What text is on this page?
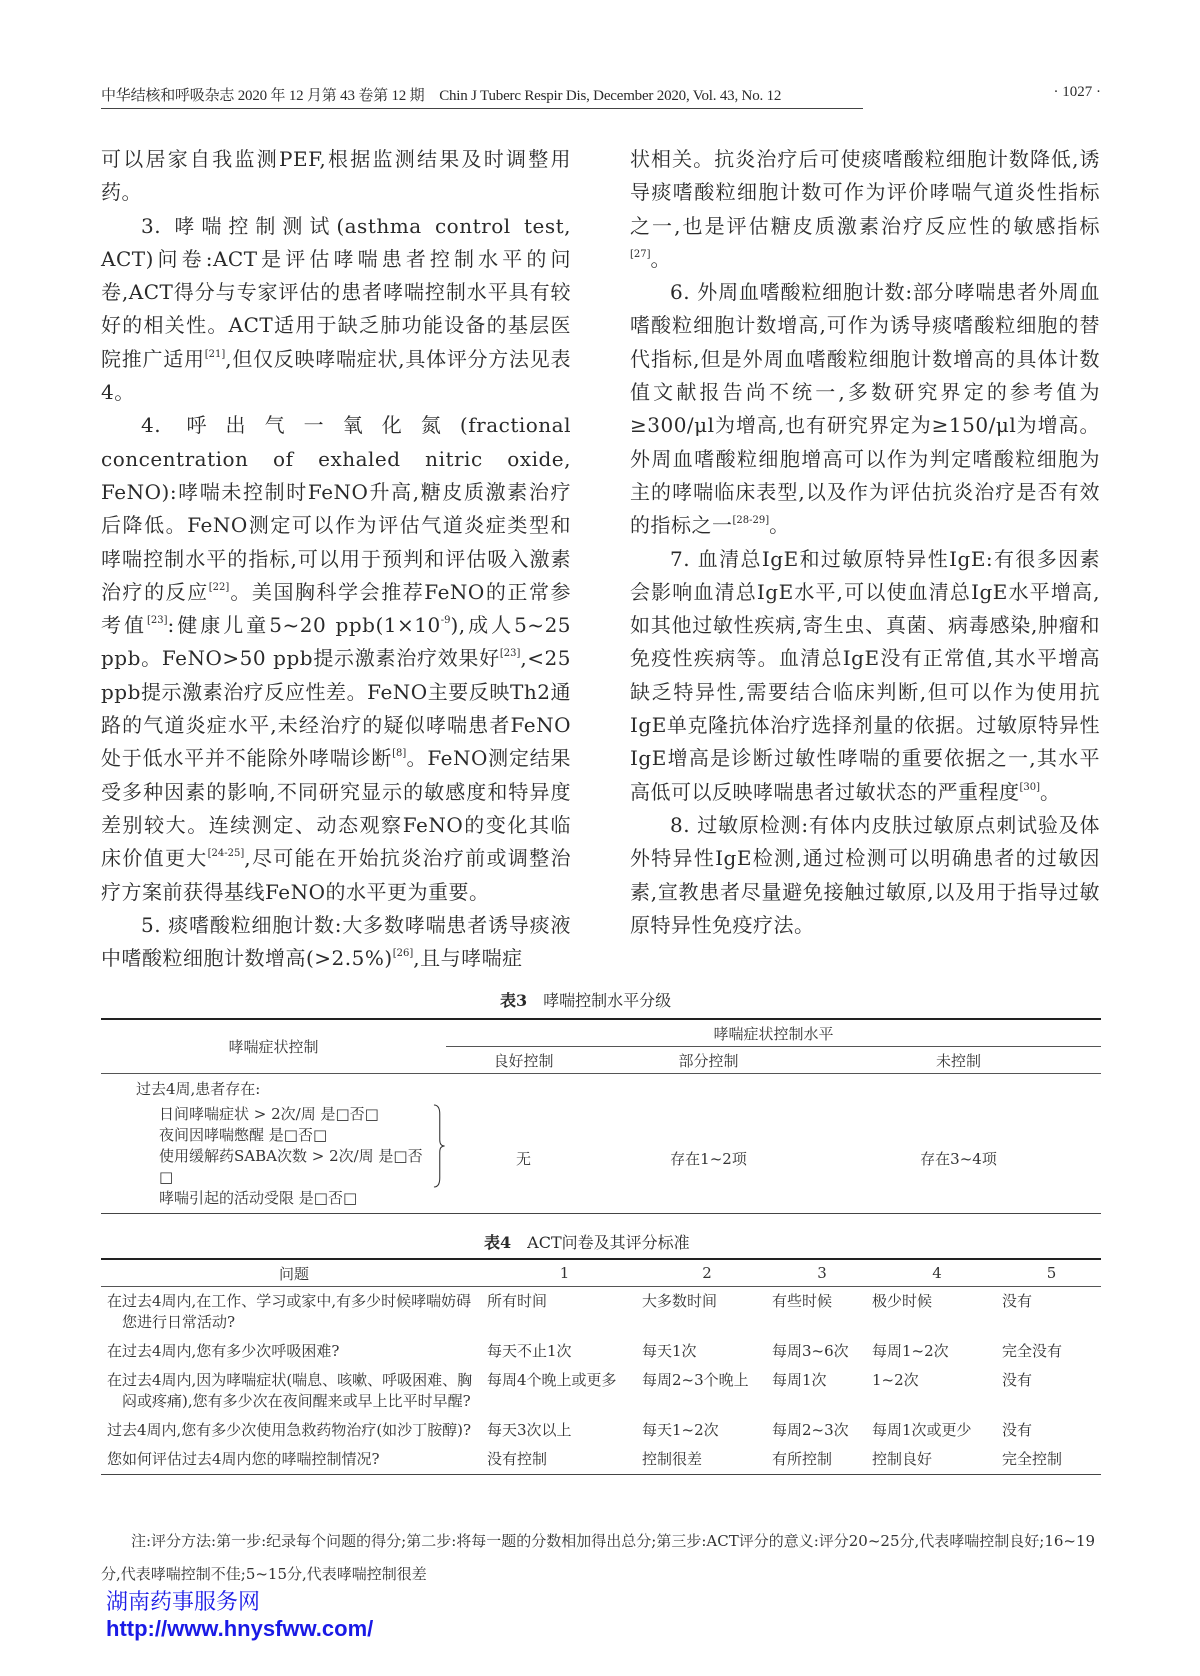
中华结核和呼吸杂志 2020 年 12 月第 43 卷第 12 期　Chin J Tuberc Respir Dis, December 2020, Vol. 43, No. 12	· 1027 ·

可以居家自我监测PEF,根据监测结果及时调整用药。

3. 哮喘控制测试(asthma control test, ACT)问卷:ACT是评估哮喘患者控制水平的问卷,ACT得分与专家评估的患者哮喘控制水平具有较好的相关性。ACT适用于缺乏肺功能设备的基层医院推广适用[21],但仅反映哮喘症状,具体评分方法见表4。

4. 呼出气一氧化氮(fractional concentration of exhaled nitric oxide, FeNO):哮喘未控制时FeNO升高,糖皮质激素治疗后降低。FeNO测定可以作为评估气道炎症类型和哮喘控制水平的指标,可以用于预判和评估吸入激素治疗的反应[22]。美国胸科学会推荐FeNO的正常参考值[23]:健康儿童5~20 $ppb(1\times 10^{-9})$,成人5~25 ppb。FeNO>50 ppb提示激素治疗效果好[23],<25 ppb提示激素治疗反应性差。FeNO主要反映Th2通路的气道炎症水平,未经治疗的疑似哮喘患者FeNO处于低水平并不能除外哮喘诊断[8]。FeNO测定结果受多种因素的影响,不同研究显示的敏感度和特异度差别较大。连续测定、动态观察FeNO的变化其临床价值更大[24-25],尽可能在开始抗炎治疗前或调整治疗方案前获得基线FeNO的水平更为重要。

5. 痰嗜酸粒细胞计数:大多数哮喘患者诱导痰液中嗜酸粒细胞计数增高(>2.5%)[26],且与哮喘症

状相关。抗炎治疗后可使痰嗜酸粒细胞计数降低,诱导痰嗜酸粒细胞计数可作为评价哮喘气道炎性指标之一,也是评估糖皮质激素治疗反应性的敏感指标[27]。

6. 外周血嗜酸粒细胞计数:部分哮喘患者外周血嗜酸粒细胞计数增高,可作为诱导痰嗜酸粒细胞的替代指标,但是外周血嗜酸粒细胞计数增高的具体计数值文献报告尚不统一,多数研究界定的参考值为≥300/μl为增高,也有研究界定为≥150/μl为增高。外周血嗜酸粒细胞增高可以作为判定嗜酸粒细胞为主的哮喘临床表型,以及作为评估抗炎治疗是否有效的指标之一[28-29]。

7. 血清总IgE和过敏原特异性IgE:有很多因素会影响血清总IgE水平,可以使血清总IgE水平增高,如其他过敏性疾病,寄生虫、真菌、病毒感染,肿瘤和免疫性疾病等。血清总IgE没有正常值,其水平增高缺乏特异性,需要结合临床判断,但可以作为使用抗IgE单克隆抗体治疗选择剂量的依据。过敏原特异性IgE增高是诊断过敏性哮喘的重要依据之一,其水平高低可以反映哮喘患者过敏状态的严重程度[30]。

8. 过敏原检测:有体内皮肤过敏原点刺试验及体外特异性IgE检测,通过检测可以明确患者的过敏因素,宣教患者尽量避免接触过敏原,以及用于指导过敏原特异性免疫疗法。

表3 哮喘控制水平分级
哮喘症状控制	哮喘症状控制水平		
	良好控制	部分控制	未控制
过去4周,患者存在:			

日间哮喘症状 > 2次/周 是□否□
夜间因哮喘憋醒 是□否□
使用缓解药SABA次数 > 2次/周 是□否□
哮喘引起的活动受限 是□否□	无	存在1~2项	存在3~4项
表4 ACT问卷及其评分标准
问题	1	2	3	4	5

在过去4周内,在工作、学习或家中,有多少时候哮喘妨碍您进行日常活动?	所有时间	大多数时间	有些时候	极少时候	没有

在过去4周内,您有多少次呼吸困难?	每天不止1次	每天1次	每周3~6次	每周1~2次	完全没有

在过去4周内,因为哮喘症状(喘息、咳嗽、呼吸困难、胸闷或疼痛),您有多少次在夜间醒来或早上比平时早醒?	每周4个晚上或更多	每周2~3个晚上	每周1次	1~2次	没有

过去4周内,您有多少次使用急救药物治疗(如沙丁胺醇)?	每天3次以上	每天1~2次	每周2~3次	每周1次或更少	没有

您如何评估过去4周内您的哮喘控制情况?	没有控制	控制很差	有所控制	控制良好	完全控制
注:评分方法:第一步:纪录每个问题的得分;第二步:将每一题的分数相加得出总分;第三步:ACT评分的意义:评分20~25分,代表哮喘控制良好;16~19分,代表哮喘控制不佳;5~15分,代表哮喘控制很差
湖南药事服务网
http://www.hnysfww.com/
